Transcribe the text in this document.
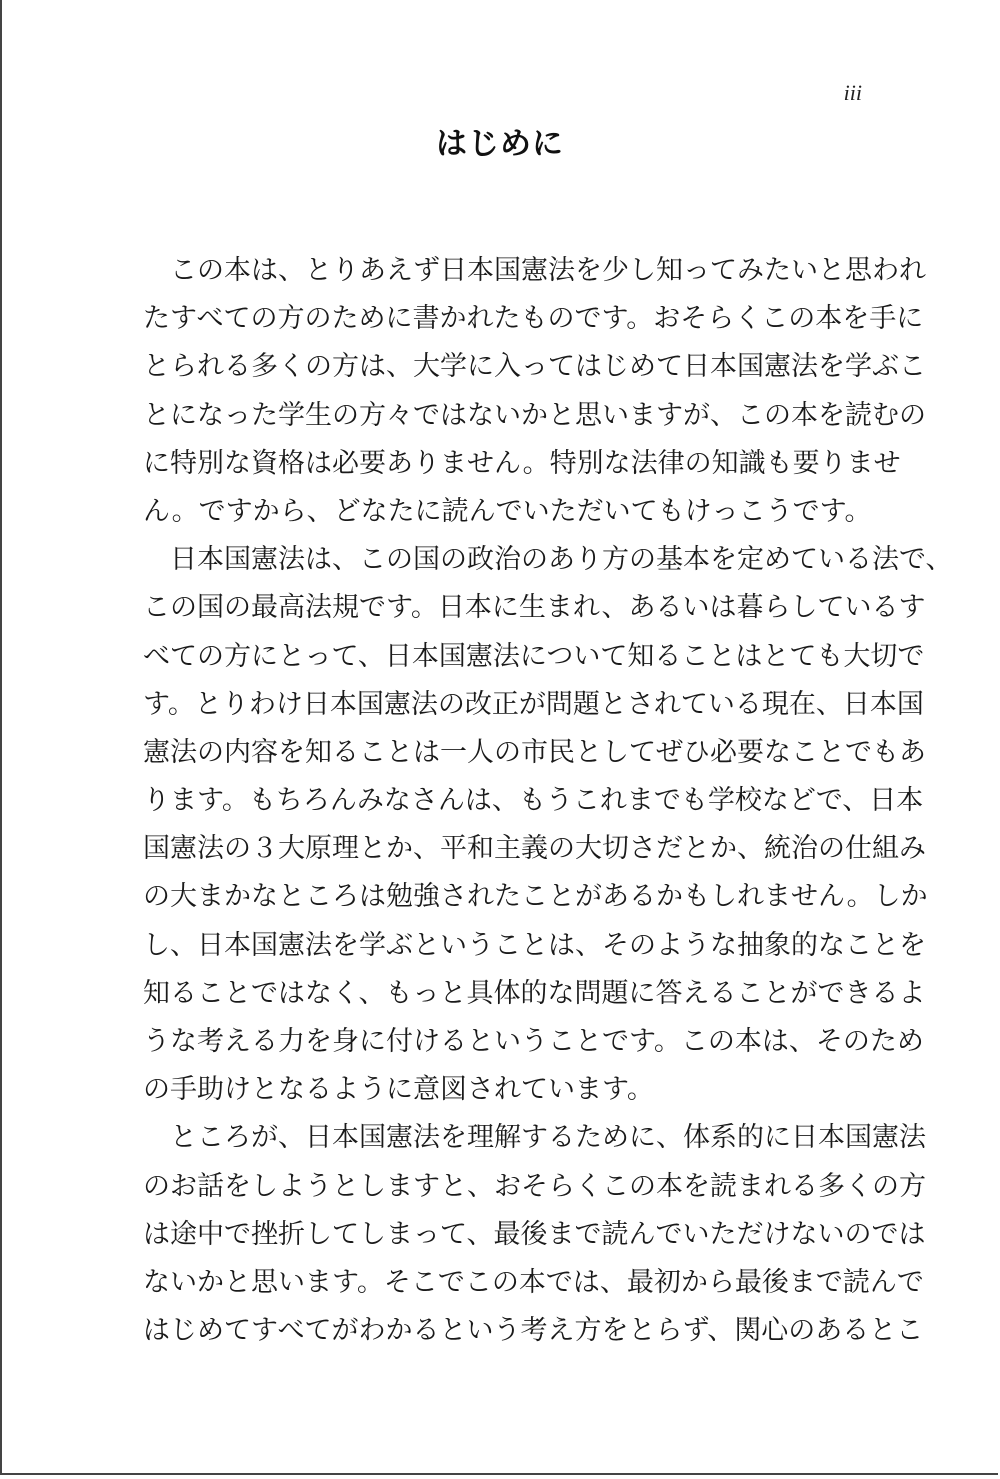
iii
はじめに
　この本は、とりあえず日本国憲法を少し知ってみたいと思われ
たすべての方のために書かれたものです。おそらくこの本を手に
とられる多くの方は、大学に入ってはじめて日本国憲法を学ぶこ
とになった学生の方々ではないかと思いますが、この本を読むの
に特別な資格は必要ありません。特別な法律の知識も要りませ
ん。ですから、どなたに読んでいただいてもけっこうです。
　日本国憲法は、この国の政治のあり方の基本を定めている法で、
この国の最高法規です。日本に生まれ、あるいは暮らしているす
べての方にとって、日本国憲法について知ることはとても大切で
す。とりわけ日本国憲法の改正が問題とされている現在、日本国
憲法の内容を知ることは一人の市民としてぜひ必要なことでもあ
ります。もちろんみなさんは、もうこれまでも学校などで、日本
国憲法の３大原理とか、平和主義の大切さだとか、統治の仕組み
の大まかなところは勉強されたことがあるかもしれません。しか
し、日本国憲法を学ぶということは、そのような抽象的なことを
知ることではなく、もっと具体的な問題に答えることができるよ
うな考える力を身に付けるということです。この本は、そのため
の手助けとなるように意図されています。
　ところが、日本国憲法を理解するために、体系的に日本国憲法
のお話をしようとしますと、おそらくこの本を読まれる多くの方
は途中で挫折してしまって、最後まで読んでいただけないのでは
ないかと思います。そこでこの本では、最初から最後まで読んで
はじめてすべてがわかるという考え方をとらず、関心のあるとこ
